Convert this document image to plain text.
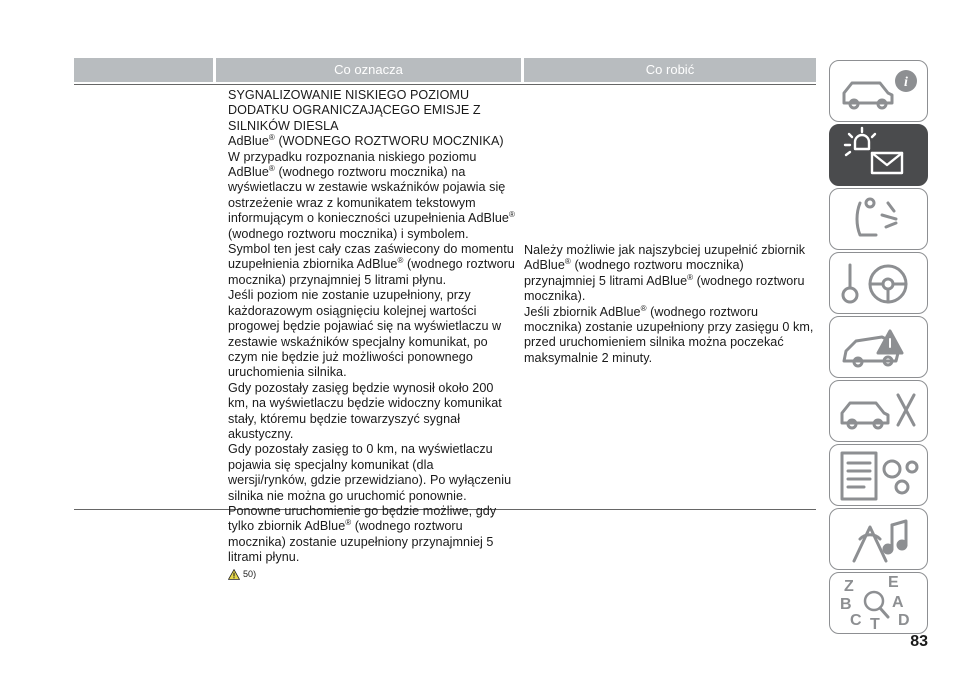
Co oznacza	Co robić

SYGNALIZOWANIE NISKIEGO POZIOMU DODATKU OGRANICZAJĄCEGO EMISJE Z SILNIKÓW DIESLA
AdBlue® (WODNEGO ROZTWORU MOCZNIKA)

W przypadku rozpoznania niskiego poziomu AdBlue® (wodnego roztworu mocznika) na wyświetlaczu w zestawie wskaźników pojawia się ostrzeżenie wraz z komunikatem tekstowym informującym o konieczności uzupełnienia AdBlue® (wodnego roztworu mocznika) i symbolem.

Symbol ten jest cały czas zaświecony do momentu uzupełnienia zbiornika AdBlue® (wodnego roztworu mocznika) przynajmniej 5 litrami płynu.

Jeśli poziom nie zostanie uzupełniony, przy każdorazowym osiągnięciu kolejnej wartości progowej będzie pojawiać się na wyświetlaczu w zestawie wskaźników specjalny komunikat, po czym nie będzie już możliwości ponownego uruchomienia silnika.

Gdy pozostały zasięg będzie wynosił około 200 km, na wyświetlaczu będzie widoczny komunikat stały, któremu będzie towarzyszyć sygnał akustyczny.

Gdy pozostały zasięg to 0 km, na wyświetlaczu pojawia się specjalny komunikat (dla wersji/rynków, gdzie przewidziano). Po wyłączeniu silnika nie można go uruchomić ponownie.

Ponowne uruchomienie go będzie możliwe, gdy tylko zbiornik AdBlue® (wodnego roztworu mocznika) zostanie uzupełniony przynajmniej 5 litrami płynu.

50)

Należy możliwie jak najszybciej uzupełnić zbiornik AdBlue® (wodnego roztworu mocznika) przynajmniej 5 litrami AdBlue® (wodnego roztworu mocznika).

Jeśli zbiornik AdBlue® (wodnego roztworu mocznika) zostanie uzupełniony przy zasięgu 0 km, przed uruchomieniem silnika można poczekać maksymalnie 2 minuty.

i
Z E
B	A
C T D
83
